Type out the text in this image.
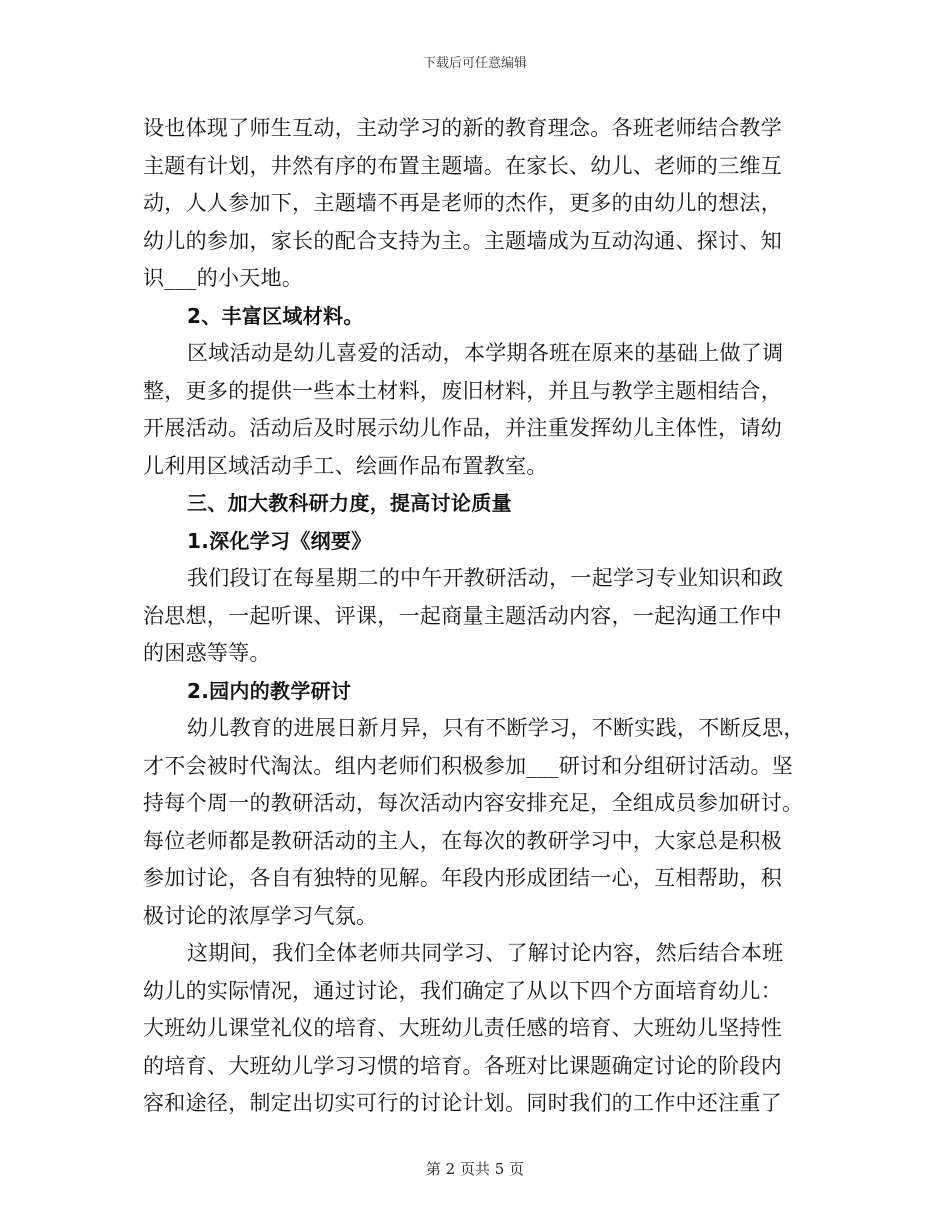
下载后可任意编辑
设也体现了师生互动，主动学习的新的教育理念。各班老师结合教学
主题有计划，井然有序的布置主题墙。在家长、幼儿、老师的三维互
动，人人参加下，主题墙不再是老师的杰作，更多的由幼儿的想法，
幼儿的参加，家长的配合支持为主。主题墙成为互动沟通、探讨、知
识___的小天地。
2、丰富区域材料。
区域活动是幼儿喜爱的活动，本学期各班在原来的基础上做了调
整，更多的提供一些本土材料，废旧材料，并且与教学主题相结合，
开展活动。活动后及时展示幼儿作品，并注重发挥幼儿主体性，请幼
儿利用区域活动手工、绘画作品布置教室。
三、加大教科研力度，提高讨论质量
1.深化学习《纲要》
我们段订在每星期二的中午开教研活动，一起学习专业知识和政
治思想，一起听课、评课，一起商量主题活动内容，一起沟通工作中
的困惑等等。
2.园内的教学研讨
幼儿教育的进展日新月异，只有不断学习，不断实践，不断反思，
才不会被时代淘汰。组内老师们积极参加___研讨和分组研讨活动。坚
持每个周一的教研活动，每次活动内容安排充足，全组成员参加研讨。
每位老师都是教研活动的主人，在每次的教研学习中，大家总是积极
参加讨论，各自有独特的见解。年段内形成团结一心，互相帮助，积
极讨论的浓厚学习气氛。
这期间，我们全体老师共同学习、了解讨论内容，然后结合本班
幼儿的实际情况，通过讨论，我们确定了从以下四个方面培育幼儿：
大班幼儿课堂礼仪的培育、大班幼儿责任感的培育、大班幼儿坚持性
的培育、大班幼儿学习习惯的培育。各班对比课题确定讨论的阶段内
容和途径，制定出切实可行的讨论计划。同时我们的工作中还注重了
第 2 页共 5 页
